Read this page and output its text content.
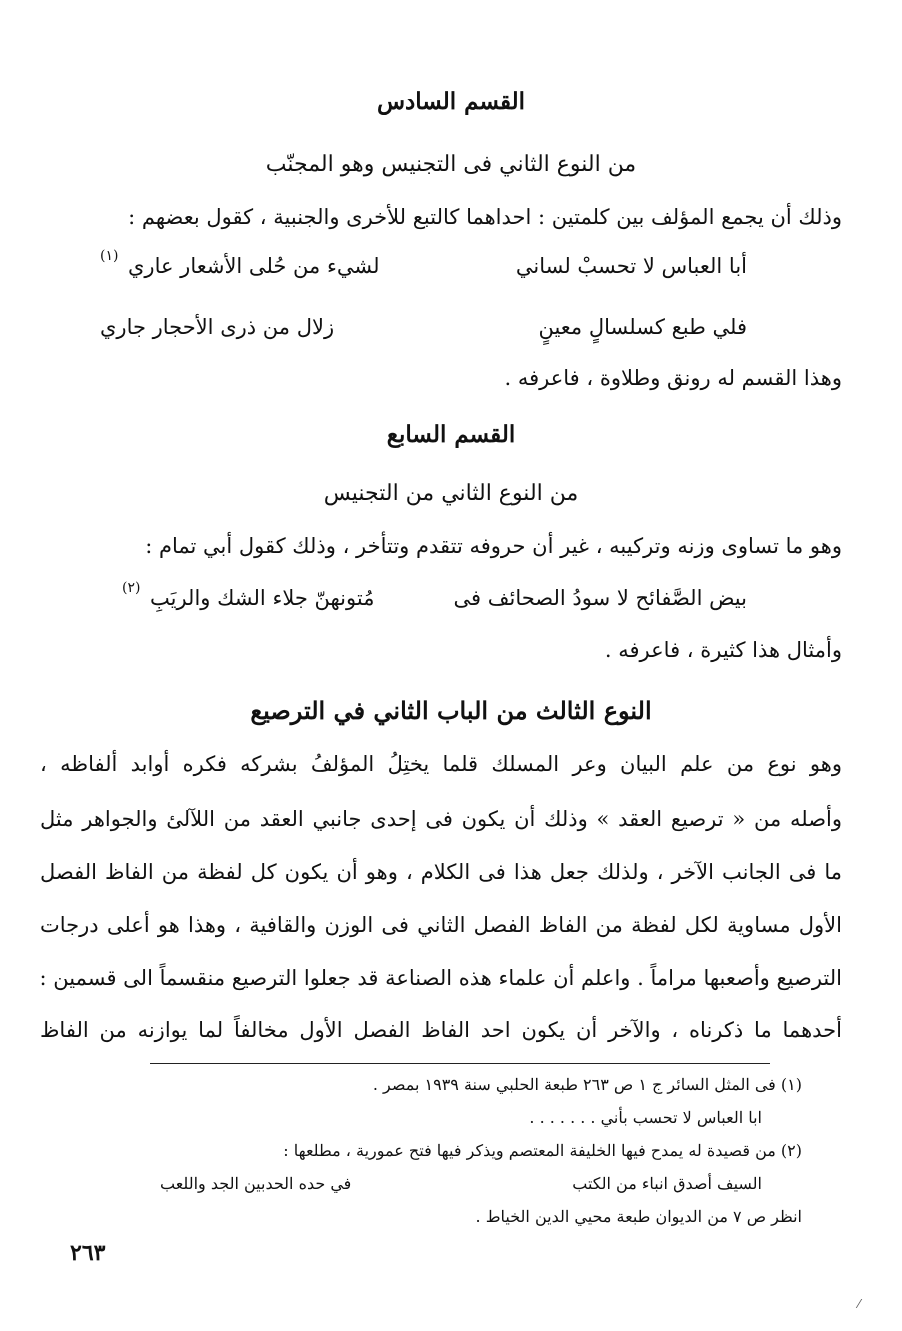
القسم السادس
من النوع الثاني فى التجنيس وهو المجنّب
وذلك أن يجمع المؤلف بين كلمتين : احداهما كالتبع للأخرى والجنبية ، كقول بعضهم :
أبا العباس لا تحسبْ لساني
لشيء من حُلى الأشعار عاري
(١)
فلي طبع كسلسالٍ معينٍ
زلال من ذرى الأحجار جاري
وهذا القسم له رونق وطلاوة ، فاعرفه .
القسم السابع
من النوع الثاني من التجنيس
وهو ما تساوى وزنه وتركيبه ، غير أن حروفه تتقدم وتتأخر ، وذلك كقول أبي تمام :
بيض الصَّفائح لا سودُ الصحائف فى
مُتونهنّ جلاء الشك والريَبِ
(٢)
وأمثال هذا كثيرة ، فاعرفه .
النوع الثالث من الباب الثاني في الترصيع
وهو نوع من علم البيان وعر المسلك قلما يختِلُ المؤلفُ بشركه فكره أوابد ألفاظه ،
وأصله من « ترصيع العقد » وذلك أن يكون فى إحدى جانبي العقد من اللآلئ والجواهر مثل
ما فى الجانب الآخر ، ولذلك جعل هذا فى الكلام ، وهو أن يكون كل لفظة من الفاظ الفصل
الأول مساوية لكل لفظة من الفاظ الفصل الثاني فى الوزن والقافية ، وهذا هو أعلى درجات
الترصيع وأصعبها مراماً . واعلم أن علماء هذه الصناعة قد جعلوا الترصيع منقسماً الى قسمين :
أحدهما ما ذكرناه ، والآخر أن يكون احد الفاظ الفصل الأول مخالفاً لما يوازنه من الفاظ
(١) فى المثل السائر ج ١ ص ٢٦٣ طبعة الحلبي سنة ١٩٣٩ بمصر .
ابا العباس لا تحسب بأني . . . . . . .
(٢) من قصيدة له يمدح فيها الخليفة المعتصم ويذكر فيها فتح عمورية ، مطلعها :
السيف أصدق انباء من الكتب
في حده الحدبين الجد واللعب
انظر ص ٧ من الديوان طبعة محيي الدين الخياط .
٢٦٣
⁄
